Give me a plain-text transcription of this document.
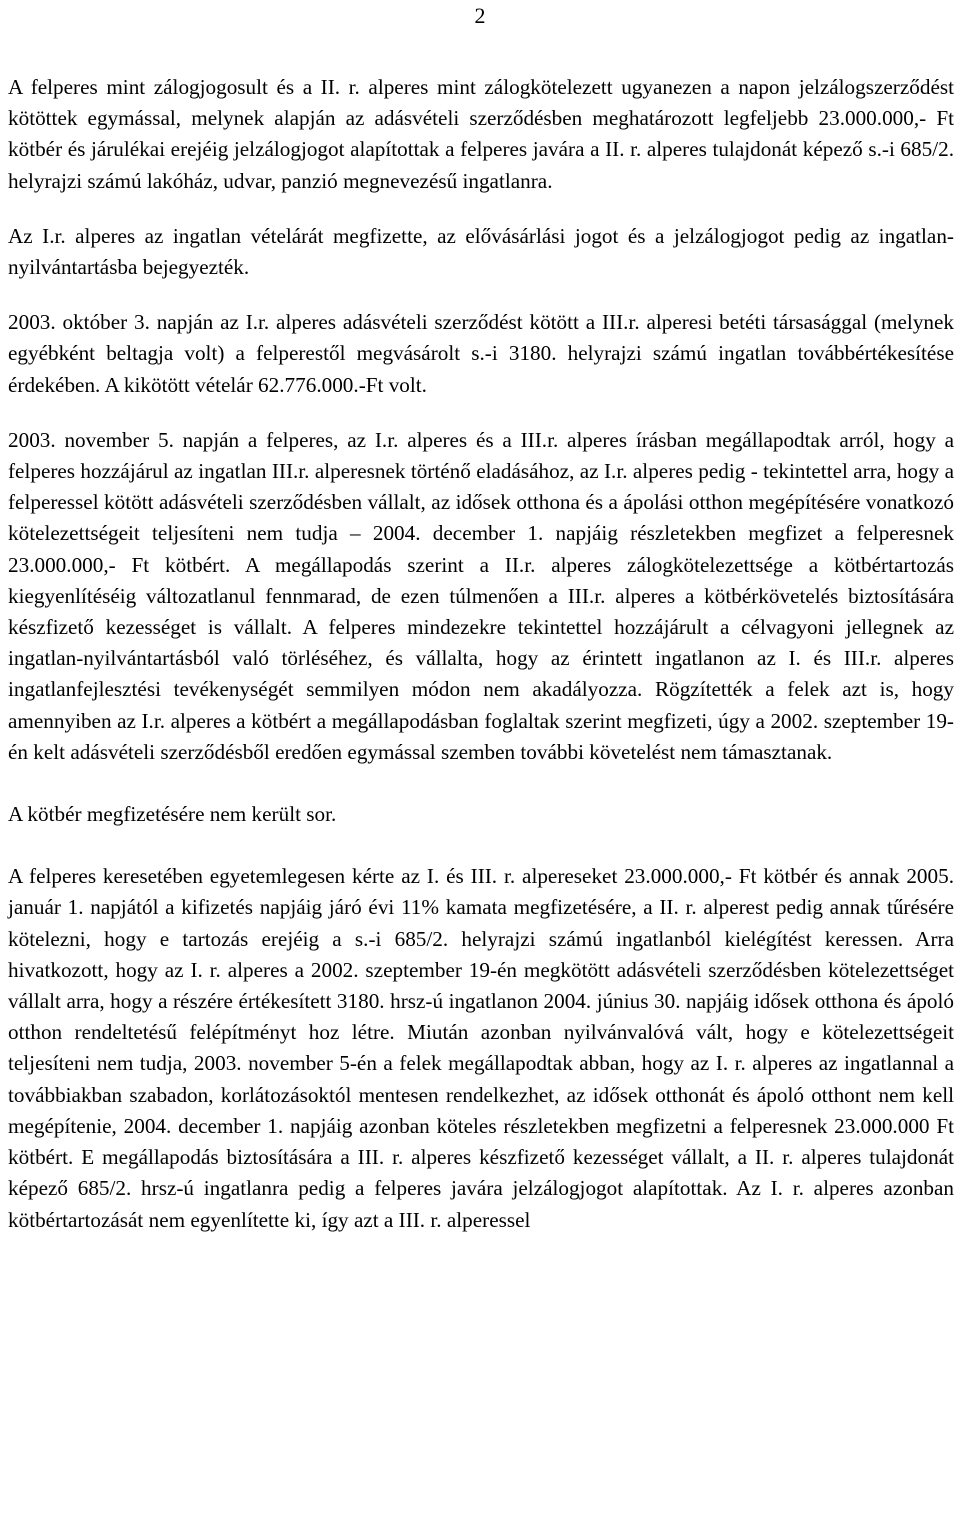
2

A felperes mint zálogjogosult és a II. r. alperes mint zálogkötelezett ugyanezen a napon jelzálogszerződést kötöttek egymással, melynek alapján az adásvételi szerződésben meghatározott legfeljebb 23.000.000,- Ft kötbér és járulékai erejéig jelzálogjogot alapítottak a felperes javára a II. r. alperes tulajdonát képező s.-i 685/2. helyrajzi számú lakóház, udvar, panzió megnevezésű ingatlanra.

Az I.r. alperes az ingatlan vételárát megfizette, az elővásárlási jogot és a jelzálogjogot pedig az ingatlan-nyilvántartásba bejegyezték.

2003. október 3. napján az I.r. alperes adásvételi szerződést kötött a III.r. alperesi betéti társasággal (melynek egyébként beltagja volt) a felperestől megvásárolt s.-i 3180. helyrajzi számú ingatlan továbbértékesítése érdekében. A kikötött vételár 62.776.000.-Ft volt.

2003. november 5. napján a felperes, az I.r. alperes és a III.r. alperes írásban megállapodtak arról, hogy a felperes hozzájárul az ingatlan III.r. alperesnek történő eladásához, az I.r. alperes pedig - tekintettel arra, hogy a felperessel kötött adásvételi szerződésben vállalt, az idősek otthona és a ápolási otthon megépítésére vonatkozó kötelezettségeit teljesíteni nem tudja – 2004. december 1. napjáig részletekben megfizet a felperesnek 23.000.000,- Ft kötbért. A megállapodás szerint a II.r. alperes zálogkötelezettsége a kötbértartozás kiegyenlítéséig változatlanul fennmarad, de ezen túlmenően a III.r. alperes a kötbérkövetelés biztosítására készfizető kezességet is vállalt. A felperes mindezekre tekintettel hozzájárult a célvagyoni jellegnek az ingatlan-nyilvántartásból való törléséhez, és vállalta, hogy az érintett ingatlanon az I. és III.r. alperes ingatlanfejlesztési tevékenységét semmilyen módon nem akadályozza. Rögzítették a felek azt is, hogy amennyiben az I.r. alperes a kötbért a megállapodásban foglaltak szerint megfizeti, úgy a 2002. szeptember 19-én kelt adásvételi szerződésből eredően egymással szemben további követelést nem támasztanak.

A kötbér megfizetésére nem került sor.

A felperes keresetében egyetemlegesen kérte az I. és III. r. alpereseket 23.000.000,- Ft kötbér és annak 2005. január 1. napjától a kifizetés napjáig járó évi 11% kamata megfizetésére, a II. r. alperest pedig annak tűrésére kötelezni, hogy e tartozás erejéig a s.-i 685/2. helyrajzi számú ingatlanból kielégítést keressen. Arra hivatkozott, hogy az I. r. alperes a 2002. szeptember 19-én megkötött adásvételi szerződésben kötelezettséget vállalt arra, hogy a részére értékesített 3180. hrsz-ú ingatlanon 2004. június 30. napjáig idősek otthona és ápoló otthon rendeltetésű felépítményt hoz létre. Miután azonban nyilvánvalóvá vált, hogy e kötelezettségeit teljesíteni nem tudja, 2003. november 5-én a felek megállapodtak abban, hogy az I. r. alperes az ingatlannal a továbbiakban szabadon, korlátozásoktól mentesen rendelkezhet, az idősek otthonát és ápoló otthont nem kell megépítenie, 2004. december 1. napjáig azonban köteles részletekben megfizetni a felperesnek 23.000.000 Ft kötbért. E megállapodás biztosítására a III. r. alperes készfizető kezességet vállalt, a II. r. alperes tulajdonát képező 685/2. hrsz-ú ingatlanra pedig a felperes javára jelzálogjogot alapítottak. Az I. r. alperes azonban kötbértartozását nem egyenlítette ki, így azt a III. r. alperessel
